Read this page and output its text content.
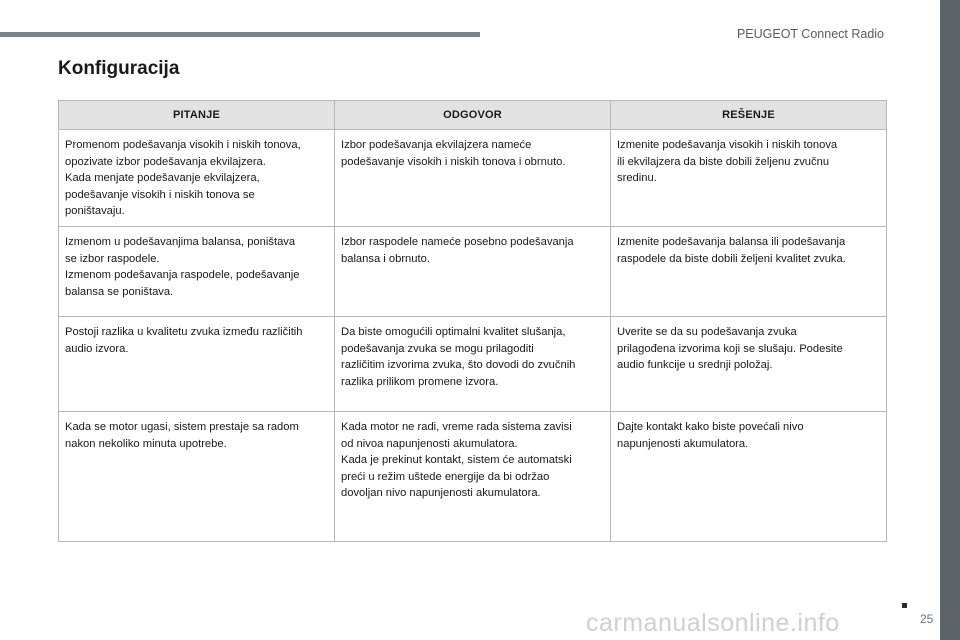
PEUGEOT Connect Radio
Konfiguracija
PITANJE	ODGOVOR	REŠENJE
Promenom podešavanja visokih i niskih tonova,
opozivate izbor podešavanja ekvilajzera.
Kada menjate podešavanje ekvilajzera,
podešavanje visokih i niskih tonova se
poništavaju.	Izbor podešavanja ekvilajzera nameće
podešavanje visokih i niskih tonova i obrnuto.	Izmenite podešavanja visokih i niskih tonova
ili ekvilajzera da biste dobili željenu zvučnu
sredinu.
Izmenom u podešavanjima balansa, poništava
se izbor raspodele.
Izmenom podešavanja raspodele, podešavanje
balansa se poništava.	Izbor raspodele nameće posebno podešavanja
balansa i obrnuto.	Izmenite podešavanja balansa ili podešavanja
raspodele da biste dobili željeni kvalitet zvuka.
Postoji razlika u kvalitetu zvuka između različitih
audio izvora.	Da biste omogućili optimalni kvalitet slušanja,
podešavanja zvuka se mogu prilagoditi
različitim izvorima zvuka, što dovodi do zvučnih
razlika prilikom promene izvora.	Uverite se da su podešavanja zvuka
prilagođena izvorima koji se slušaju. Podesite
audio funkcije u srednji položaj.
Kada se motor ugasi, sistem prestaje sa radom
nakon nekoliko minuta upotrebe.	Kada motor ne radi, vreme rada sistema zavisi
od nivoa napunjenosti akumulatora.
Kada je prekinut kontakt, sistem će automatski
preći u režim uštede energije da bi održao
dovoljan nivo napunjenosti akumulatora.	Dajte kontakt kako biste povećali nivo
napunjenosti akumulatora.
carmanualsonline.info	25
